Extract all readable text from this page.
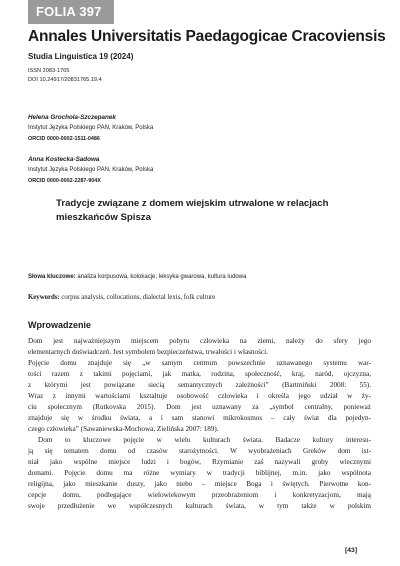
FOLIA 397
Annales Universitatis Paedagogicae Cracoviensis
Studia Linguistica 19 (2024)
ISSN 2083-1765
DOI 10.24917/20831765.19.4
Helena Grochola-Szczepanek
Instytut Języka Polskiego PAN, Kraków, Polska
ORCID 0000-0002-1511-0486
Anna Kostecka-Sadowa
Instytut Języka Polskiego PAN, Kraków, Polska
ORCID 0000-0002-2287-904X
Tradycje związane z domem wiejskim utrwalone w relacjach
mieszkańców Spisza
Słowa kluczowe: analiza korpusowa, kolokacje, leksyka gwarowa, kultura ludowa
Keywords: corpus analysis, collocations, dialectal lexis, folk culture
Wprowadzenie
Dom jest najważniejszym miejscem pobytu człowieka na ziemi, należy do sfery jego
elementarnych doświadczeń. Jest symbolem bezpieczeństwa, trwałości i własności.
Pojęcie domu znajduje się „w samym centrum powszechnie uznawanego systemu war-
tości razem z takimi pojęciami, jak matka, rodzina, społeczność, kraj, naród, ojczyzna,
z którymi jest powiązane siecią semantycznych zależności” (Bartmiński 2008: 55).
Wraz z innymi wartościami kształtuje osobowość człowieka i określa jego udział w ży-
ciu społecznym (Rutkovska 2015). Dom jest uznawany za „symbol centralny, ponieważ
znajduje się w środku świata, a i sam stanowi mikrokosmos – cały świat dla pojedyn-
czego człowieka” (Sawaniewska-Mochowa, Zielińska 2007: 189).
Dom to kluczowe pojęcie w wielu kulturach świata. Badacze kultury interesu-
ją się tematem domu od czasów starożytności. W wyobrażeniach Greków dom ist-
niał jako wspólne miejsce ludzi i bogów, Rzymianie zaś nazywali groby wiecznymi
domami. Pojęcie domu ma różne wymiary w tradycji biblijnej, m.in. jako wspólnota
religijna, jako mieszkanie duszy, jako niebo – miejsce Boga i świętych. Pierwotne kon-
cepcje domu, podlegające wielowiekowym przeobrażeniom i konkretyzacjom, mają
swoje przedłużenie we współczesnych kulturach świata, w tym także w polskim
[43]
